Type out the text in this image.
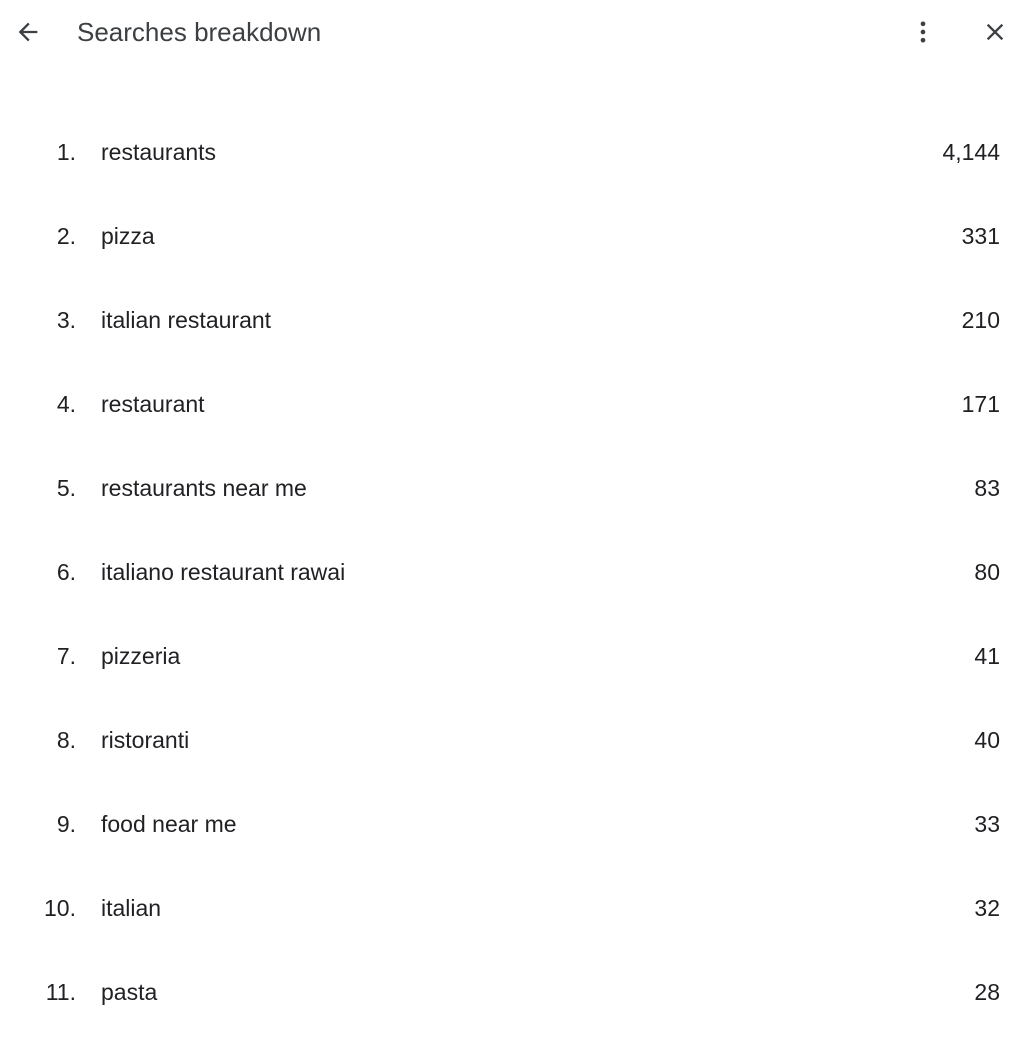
Searches breakdown
1. restaurants	4,144
2. pizza	331
3. italian restaurant	210
4. restaurant	171
5. restaurants near me	83
6. italiano restaurant rawai	80
7. pizzeria	41
8. ristoranti	40
9. food near me	33
10. italian	32
11. pasta	28
